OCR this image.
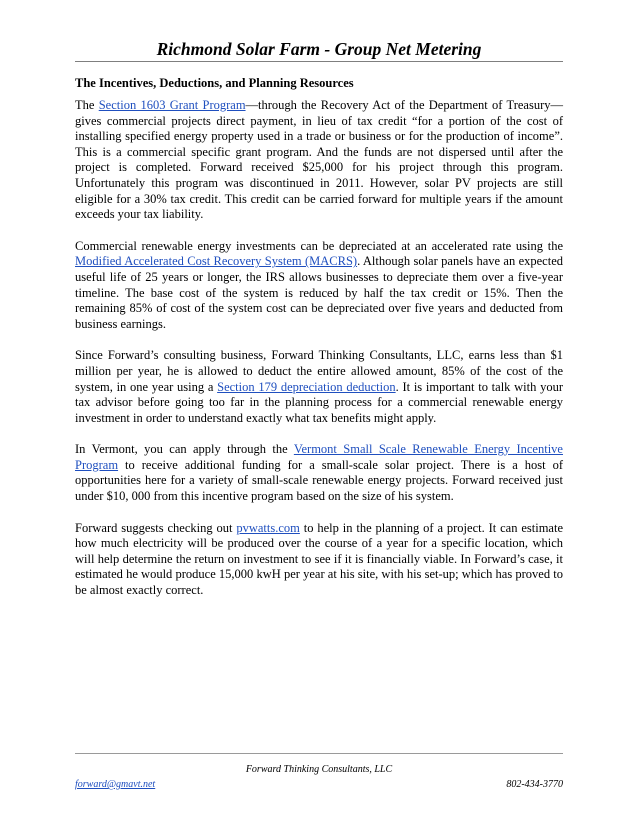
Richmond Solar Farm - Group Net Metering
The Incentives, Deductions, and Planning Resources

The Section 1603 Grant Program—through the Recovery Act of the Department of Treasury—gives commercial projects direct payment, in lieu of tax credit “for a portion of the cost of installing specified energy property used in a trade or business or for the production of income”. This is a commercial specific grant program. And the funds are not dispersed until after the project is completed. Forward received $25,000 for his project through this program. Unfortunately this program was discontinued in 2011. However, solar PV projects are still eligible for a 30% tax credit. This credit can be carried forward for multiple years if the amount exceeds your tax liability.

Commercial renewable energy investments can be depreciated at an accelerated rate using the Modified Accelerated Cost Recovery System (MACRS). Although solar panels have an expected useful life of 25 years or longer, the IRS allows businesses to depreciate them over a five-year timeline. The base cost of the system is reduced by half the tax credit or 15%. Then the remaining 85% of cost of the system cost can be depreciated over five years and deducted from business earnings.

Since Forward’s consulting business, Forward Thinking Consultants, LLC, earns less than $1 million per year, he is allowed to deduct the entire allowed amount, 85% of the cost of the system, in one year using a Section 179 depreciation deduction. It is important to talk with your tax advisor before going too far in the planning process for a commercial renewable energy investment in order to understand exactly what tax benefits might apply.

In Vermont, you can apply through the Vermont Small Scale Renewable Energy Incentive Program to receive additional funding for a small-scale solar project. There is a host of opportunities here for a variety of small-scale renewable energy projects. Forward received just under $10, 000 from this incentive program based on the size of his system.

Forward suggests checking out pvwatts.com to help in the planning of a project. It can estimate how much electricity will be produced over the course of a year for a specific location, which will help determine the return on investment to see if it is financially viable. In Forward’s case, it estimated he would produce 15,000 kwH per year at his site, with his set-up; which has proved to be almost exactly correct.

Forward Thinking Consultants, LLC
forward@gmavt.net	802-434-3770
